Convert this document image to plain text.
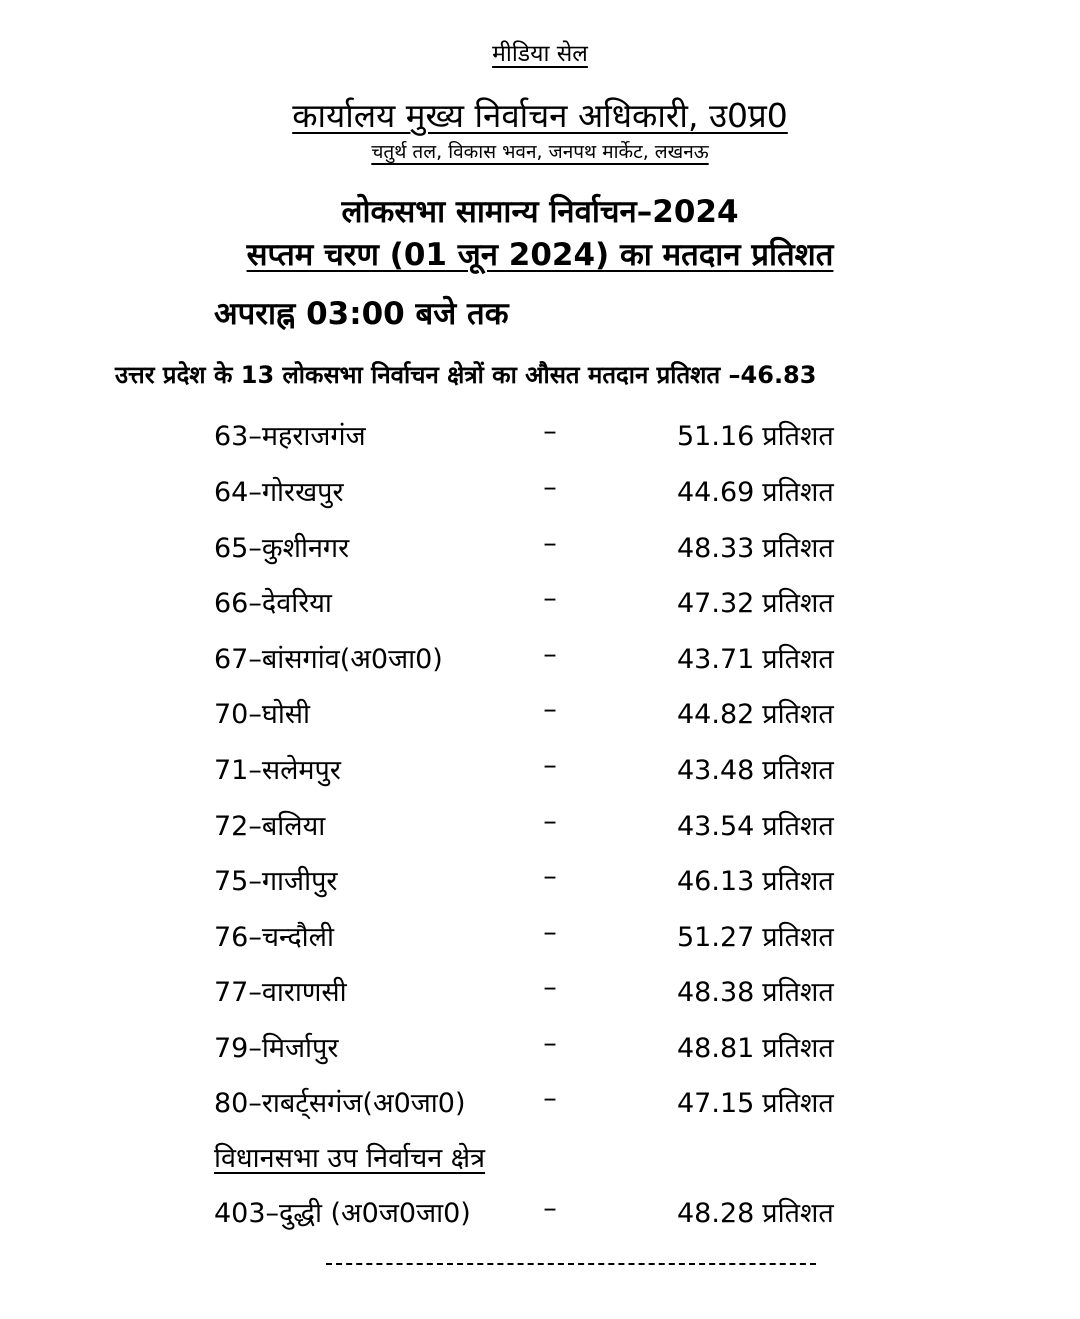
मीडिया सेल
कार्यालय मुख्य निर्वाचन अधिकारी, उ0प्र0
चतुर्थ तल, विकास भवन, जनपथ मार्केट, लखनऊ
लोकसभा सामान्य निर्वाचन–2024
सप्तम चरण (01 जून 2024) का मतदान प्रतिशत
अपराह्न 03:00 बजे तक
उत्तर प्रदेश के 13 लोकसभा निर्वाचन क्षेत्रों का औसत मतदान प्रतिशत –46.83
63–महराजगंज	–	51.16 प्रतिशत
64–गोरखपुर	–	44.69 प्रतिशत
65–कुशीनगर	–	48.33 प्रतिशत
66–देवरिया	–	47.32 प्रतिशत
67–बांसगांव(अ0जा0)	–	43.71 प्रतिशत
70–घोसी	–	44.82 प्रतिशत
71–सलेमपुर	–	43.48 प्रतिशत
72–बलिया	–	43.54 प्रतिशत
75–गाजीपुर	–	46.13 प्रतिशत
76–चन्दौली	–	51.27 प्रतिशत
77–वाराणसी	–	48.38 प्रतिशत
79–मिर्जापुर	–	48.81 प्रतिशत
80–राबर्ट्सगंज(अ0जा0)	–	47.15 प्रतिशत
विधानसभा उप निर्वाचन क्षेत्र
403–दुद्धी (अ0ज0जा0)	–	48.28 प्रतिशत
